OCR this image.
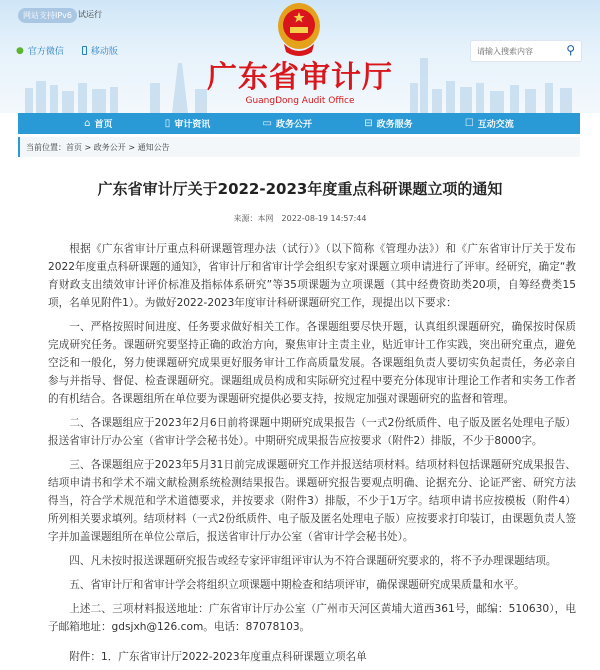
网站支持IPv6 试运行
● 官方微信	移动版
广东省审计厅
GuangDong Audit Office
请输入搜索内容	⚲
⌂ 首页	▯ 审计资讯	▭ 政务公开	⊟ 政务服务	☐ 互动交流
当前位置：首页 > 政务公开 > 通知公告
广东省审计厅关于2022-2023年度重点科研课题立项的通知
来源：本网 2022-08-19 14:57:44

根据《广东省审计厅重点科研课题管理办法（试行）》（以下简称《管理办法》）和《广东省审计厅关于发布2022年度重点科研课题的通知》，省审计厅和省审计学会组织专家对课题立项申请进行了评审。经研究，确定“教育财政支出绩效审计评价标准及指标体系研究”等35项课题为立项课题（其中经费资助类20项，自筹经费类15项，名单见附件1）。为做好2022-2023年度审计科研课题研究工作，现提出以下要求：

一、严格按照时间进度、任务要求做好相关工作。各课题组要尽快开题，认真组织课题研究，确保按时保质完成研究任务。课题研究要坚持正确的政治方向，聚焦审计主责主业，贴近审计工作实践，突出研究重点，避免空泛和一般化，努力使课题研究成果更好服务审计工作高质量发展。各课题组负责人要切实负起责任，务必亲自参与并指导、督促、检查课题研究。课题组成员构成和实际研究过程中要充分体现审计理论工作者和实务工作者的有机结合。各课题组所在单位要为课题研究提供必要支持，按规定加强对课题研究的监督和管理。

二、各课题组应于2023年2月6日前将课题中期研究成果报告（一式2份纸质件、电子版及匿名处理电子版）报送省审计厅办公室（省审计学会秘书处）。中期研究成果报告应按要求（附件2）排版，不少于8000字。

三、各课题组应于2023年5月31日前完成课题研究工作并报送结项材料。结项材料包括课题研究成果报告、结项申请书和学术不端文献检测系统检测结果报告。课题研究报告要观点明确、论据充分、论证严密、研究方法得当，符合学术规范和学术道德要求，并按要求（附件3）排版，不少于1万字。结项申请书应按模板（附件4）所列相关要求填列。结项材料（一式2份纸质件、电子版及匿名处理电子版）应按要求打印装订，由课题负责人签字并加盖课题组所在单位公章后，报送省审计厅办公室（省审计学会秘书处）。

四、凡未按时报送课题研究报告或经专家评审组评审认为不符合课题研究要求的，将不予办理课题结项。

五、省审计厅和省审计学会将组织立项课题中期检查和结项评审，确保课题研究成果质量和水平。

上述二、三项材料报送地址：广东省审计厅办公室（广州市天河区黄埔大道西361号，邮编：510630），电子邮箱地址：gdsjxh@126.com。电话：87078103。

附件：1．广东省审计厅2022-2023年度重点科研课题立项名单
